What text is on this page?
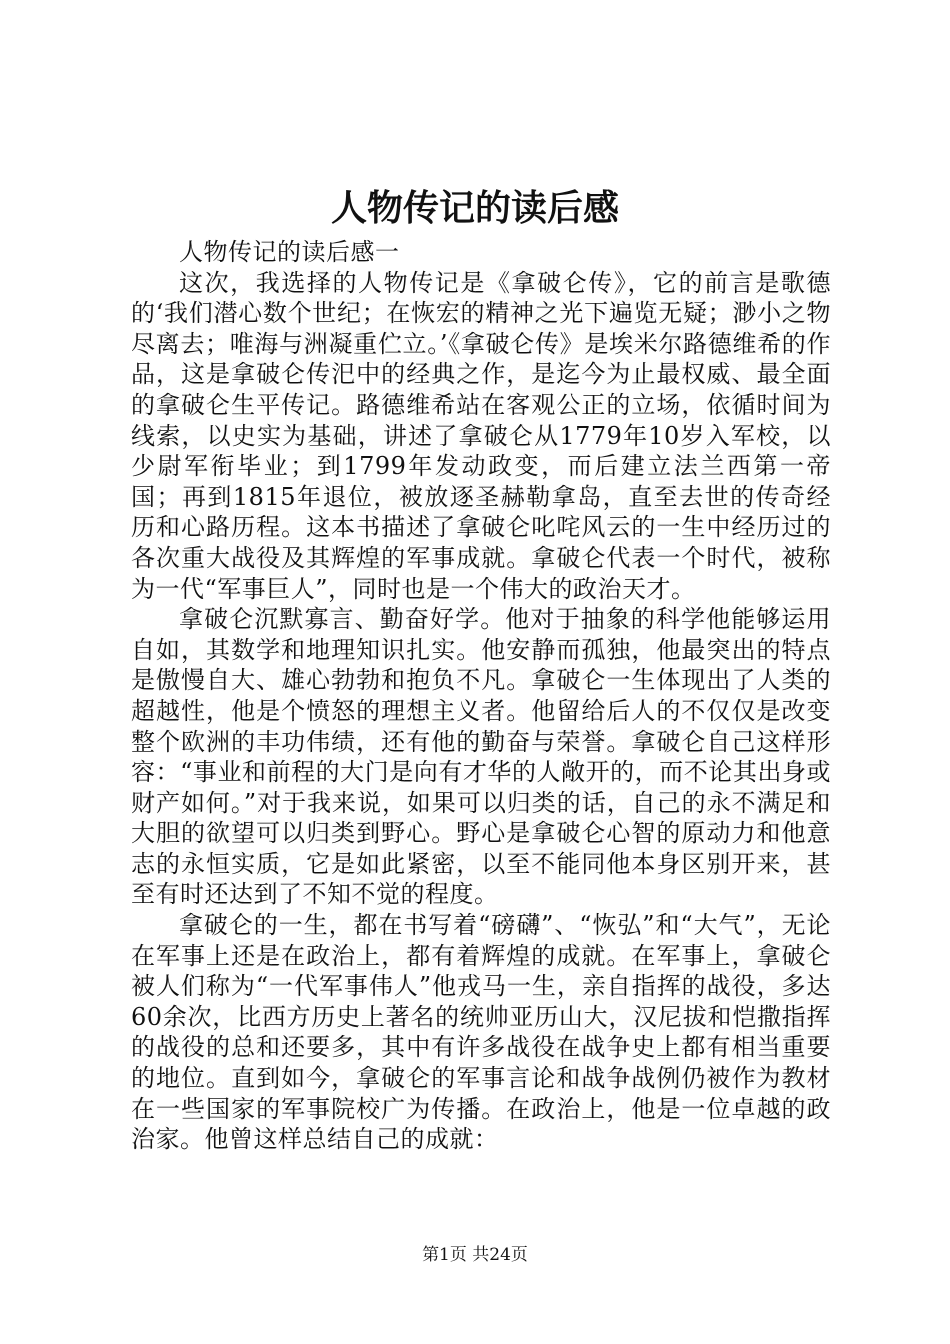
人物传记的读后感
人物传记的读后感一

这次，我选择的人物传记是《拿破仑传》，它的前言是歌德的‘我们潜心数个世纪；在恢宏的精神之光下遍览无疑；渺小之物尽离去；唯海与洲凝重伫立。’《拿破仑传》是埃米尔路德维希的作品，这是拿破仑传汜中的经典之作，是迄今为止最权威、最全面的拿破仑生平传记。路德维希站在客观公正的立场，依循时间为线索，以史实为基础，讲述了拿破仑从1779年10岁入军校，以少尉军衔毕业；到1799年发动政变，而后建立法兰西第一帝国；再到1815年退位，被放逐圣赫勒拿岛，直至去世的传奇经历和心路历程。这本书描述了拿破仑叱咤风云的一生中经历过的各次重大战役及其辉煌的军事成就。拿破仑代表一个时代，被称为一代“军事巨人”，同时也是一个伟大的政治天才。

拿破仑沉默寡言、勤奋好学。他对于抽象的科学他能够运用自如，其数学和地理知识扎实。他安静而孤独，他最突出的特点是傲慢自大、雄心勃勃和抱负不凡。拿破仑一生体现出了人类的超越性，他是个愤怒的理想主义者。他留给后人的不仅仅是改变整个欧洲的丰功伟绩，还有他的勤奋与荣誉。拿破仑自己这样形容：“事业和前程的大门是向有才华的人敞开的，而不论其出身或财产如何。”对于我来说，如果可以归类的话，自己的永不满足和大胆的欲望可以归类到野心。野心是拿破仑心智的原动力和他意志的永恒实质，它是如此紧密，以至不能同他本身区别开来，甚至有时还达到了不知不觉的程度。

拿破仑的一生，都在书写着“磅礴”、“恢弘”和“大气”，无论在军事上还是在政治上，都有着辉煌的成就。在军事上，拿破仑被人们称为“一代军事伟人”他戎马一生，亲自指挥的战役，多达60余次，比西方历史上著名的统帅亚历山大，汉尼拔和恺撒指挥的战役的总和还要多，其中有许多战役在战争史上都有相当重要的地位。直到如今，拿破仑的军事言论和战争战例仍被作为教材在一些国家的军事院校广为传播。在政治上，他是一位卓越的政治家。他曾这样总结自己的成就：

第1页 共24页
